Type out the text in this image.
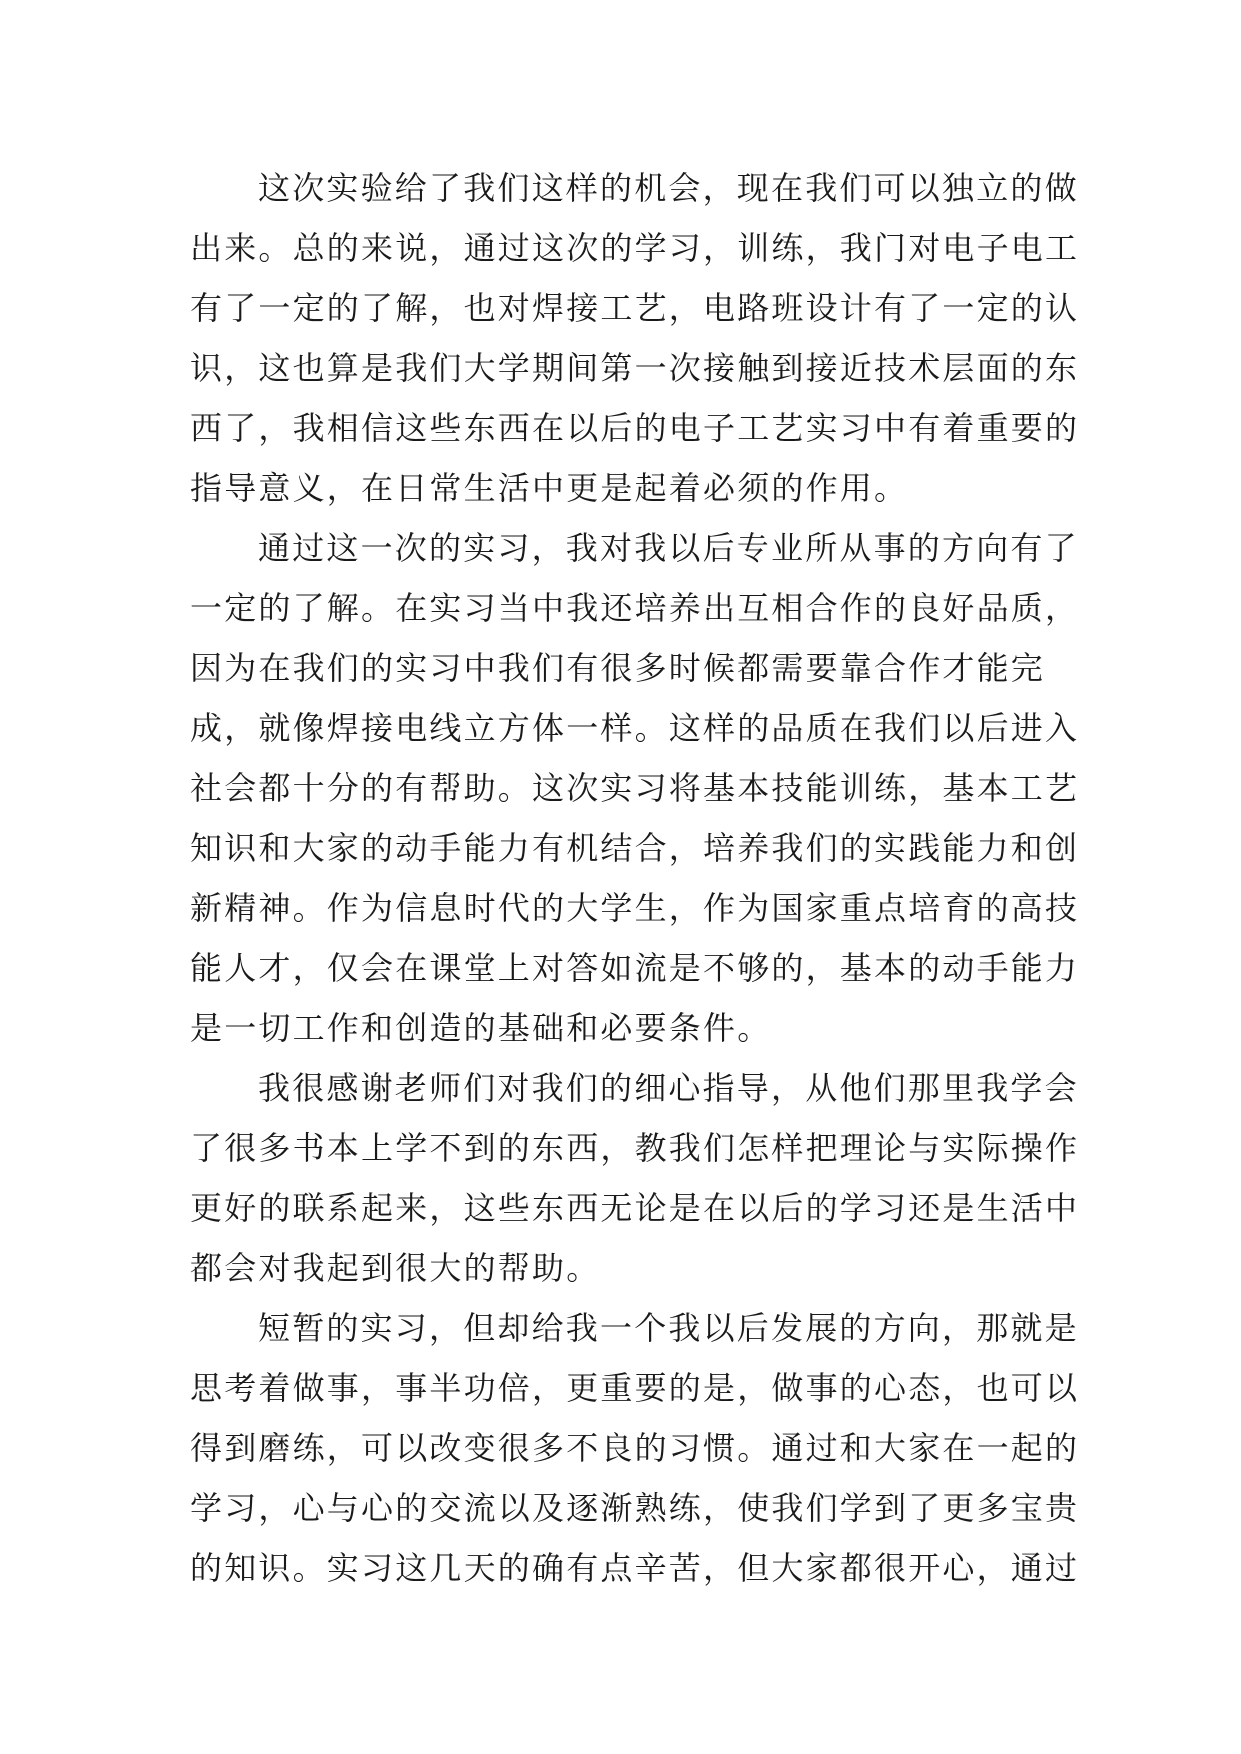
这次实验给了我们这样的机会，现在我们可以独立的做
出来。总的来说，通过这次的学习，训练，我门对电子电工
有了一定的了解，也对焊接工艺，电路班设计有了一定的认
识，这也算是我们大学期间第一次接触到接近技术层面的东
西了，我相信这些东西在以后的电子工艺实习中有着重要的
指导意义，在日常生活中更是起着必须的作用。
通过这一次的实习，我对我以后专业所从事的方向有了
一定的了解。在实习当中我还培养出互相合作的良好品质，
因为在我们的实习中我们有很多时候都需要靠合作才能完
成，就像焊接电线立方体一样。这样的品质在我们以后进入
社会都十分的有帮助。这次实习将基本技能训练，基本工艺
知识和大家的动手能力有机结合，培养我们的实践能力和创
新精神。作为信息时代的大学生，作为国家重点培育的高技
能人才，仅会在课堂上对答如流是不够的，基本的动手能力
是一切工作和创造的基础和必要条件。
我很感谢老师们对我们的细心指导，从他们那里我学会
了很多书本上学不到的东西，教我们怎样把理论与实际操作
更好的联系起来，这些东西无论是在以后的学习还是生活中
都会对我起到很大的帮助。
短暂的实习，但却给我一个我以后发展的方向，那就是
思考着做事，事半功倍，更重要的是，做事的心态，也可以
得到磨练，可以改变很多不良的习惯。通过和大家在一起的
学习，心与心的交流以及逐渐熟练，使我们学到了更多宝贵
的知识。实习这几天的确有点辛苦，但大家都很开心，通过
